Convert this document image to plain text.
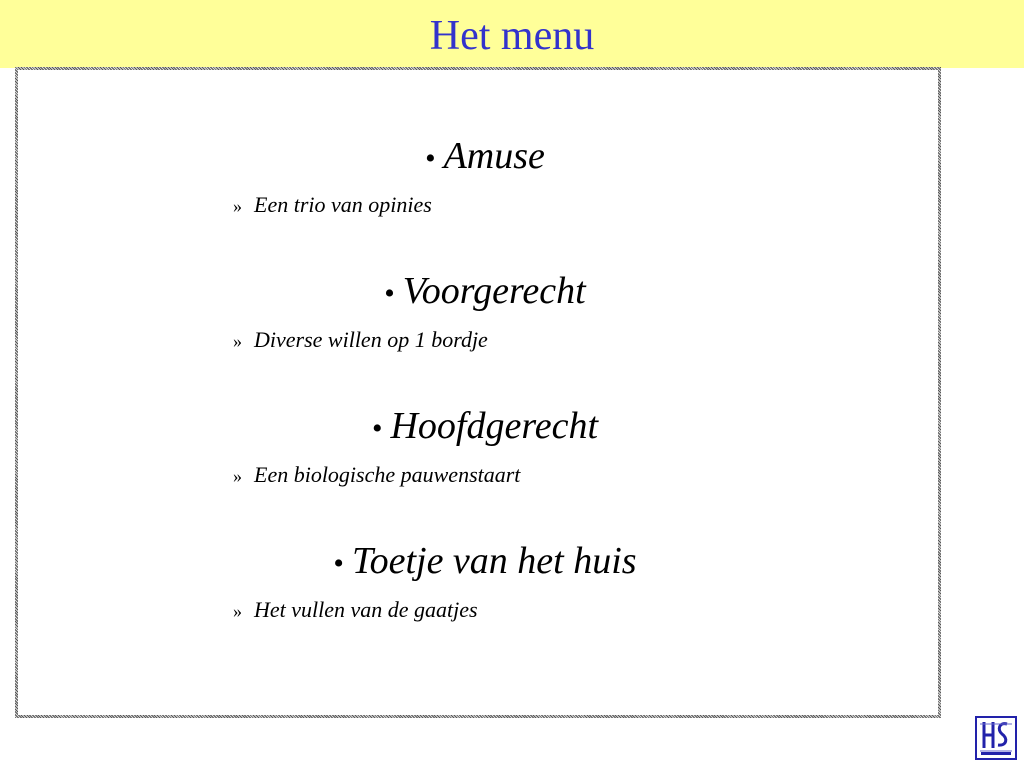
Het menu
• Amuse
» Een trio van opinies
• Voorgerecht
» Diverse willen op 1 bordje
• Hoofdgerecht
» Een biologische pauwenstaart
• Toetje van het huis
» Het vullen van de gaatjes
